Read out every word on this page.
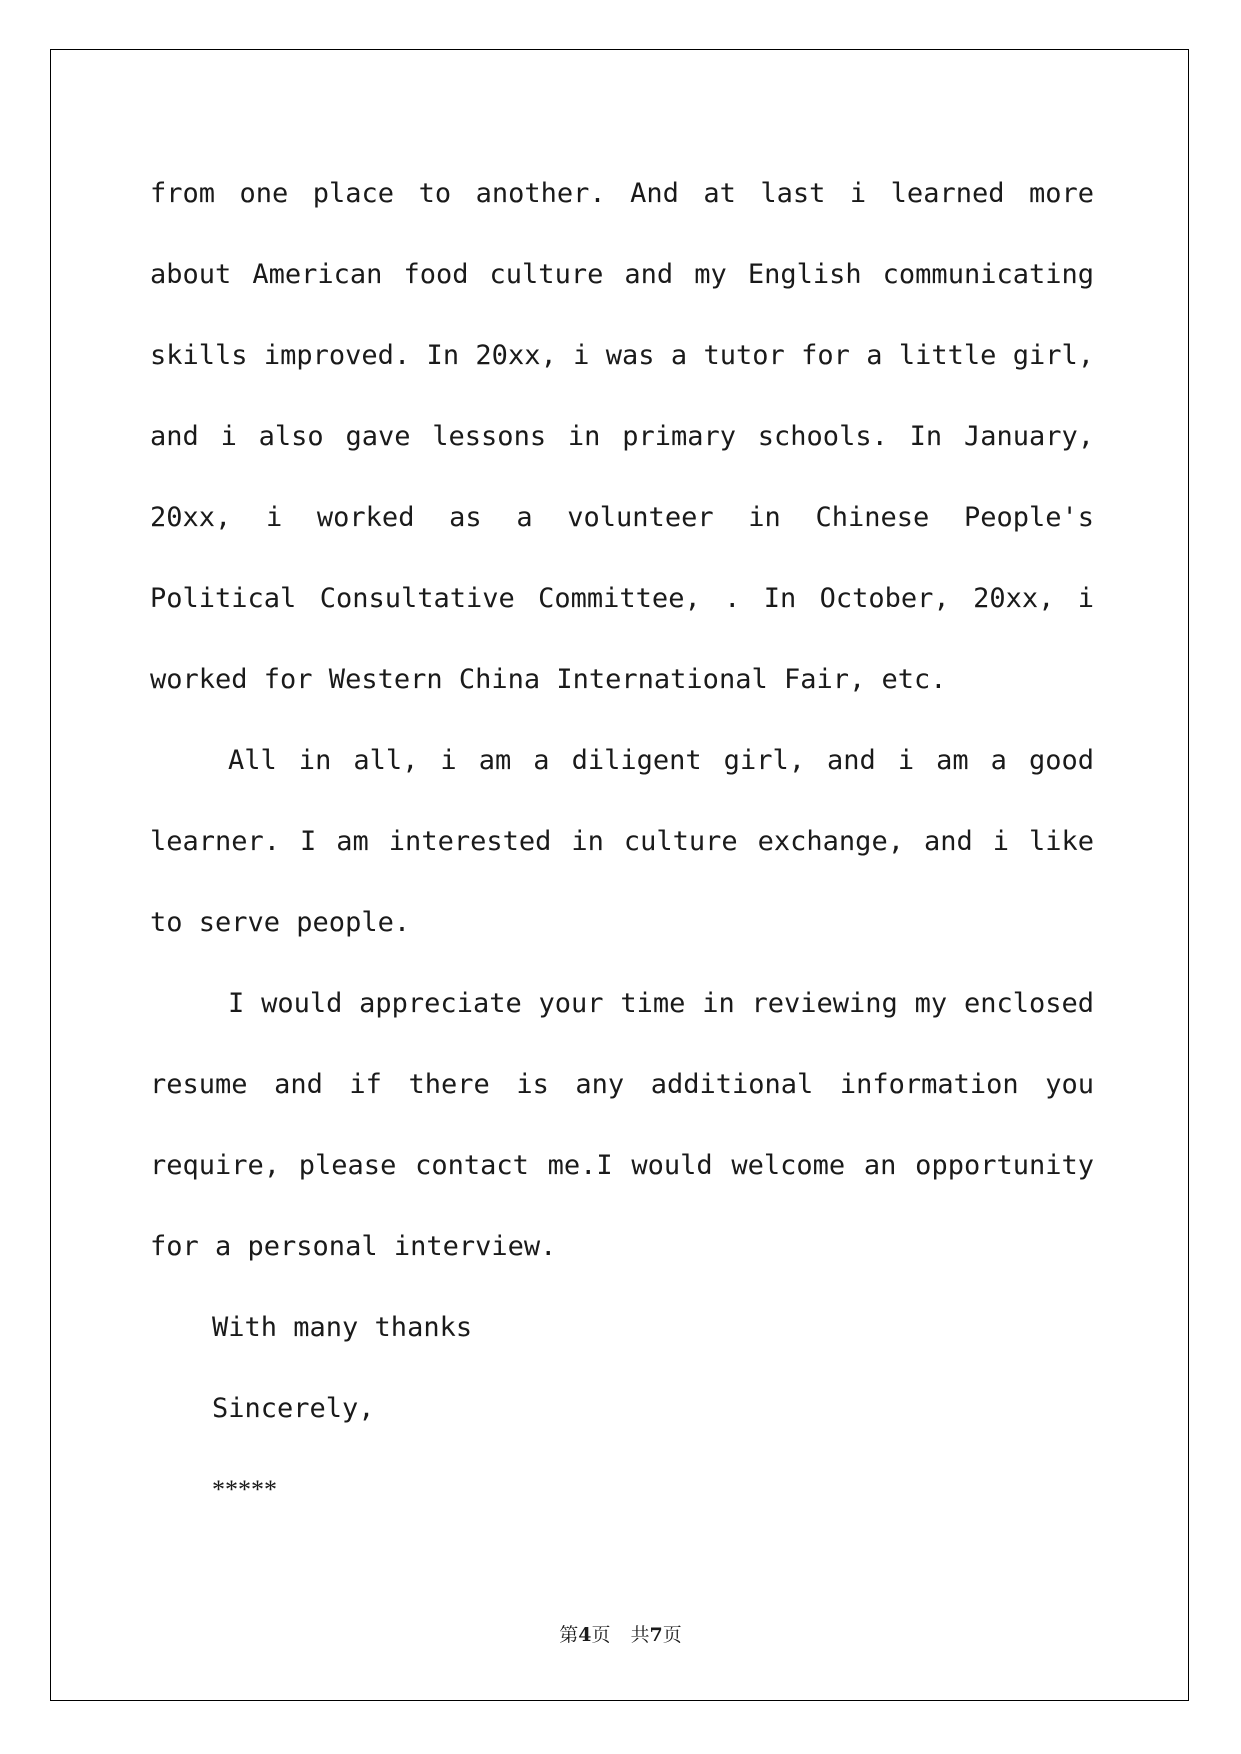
from one place to another. And at last i learned more about American food culture and my English communicating skills improved. In 20xx, i was a tutor for a little girl, and i also gave lessons in primary schools. In January, 20xx, i worked as a volunteer in Chinese People's Political Consultative Committee, . In October, 20xx, i worked for Western China International Fair, etc.

All in all, i am a diligent girl, and i am a good learner. I am interested in culture exchange, and i like to serve people.

I would appreciate your time in reviewing my enclosed resume and if there is any additional information you require, please contact me.I would welcome an opportunity for a personal interview.

With many thanks

Sincerely,

*****

第4页 共7页
